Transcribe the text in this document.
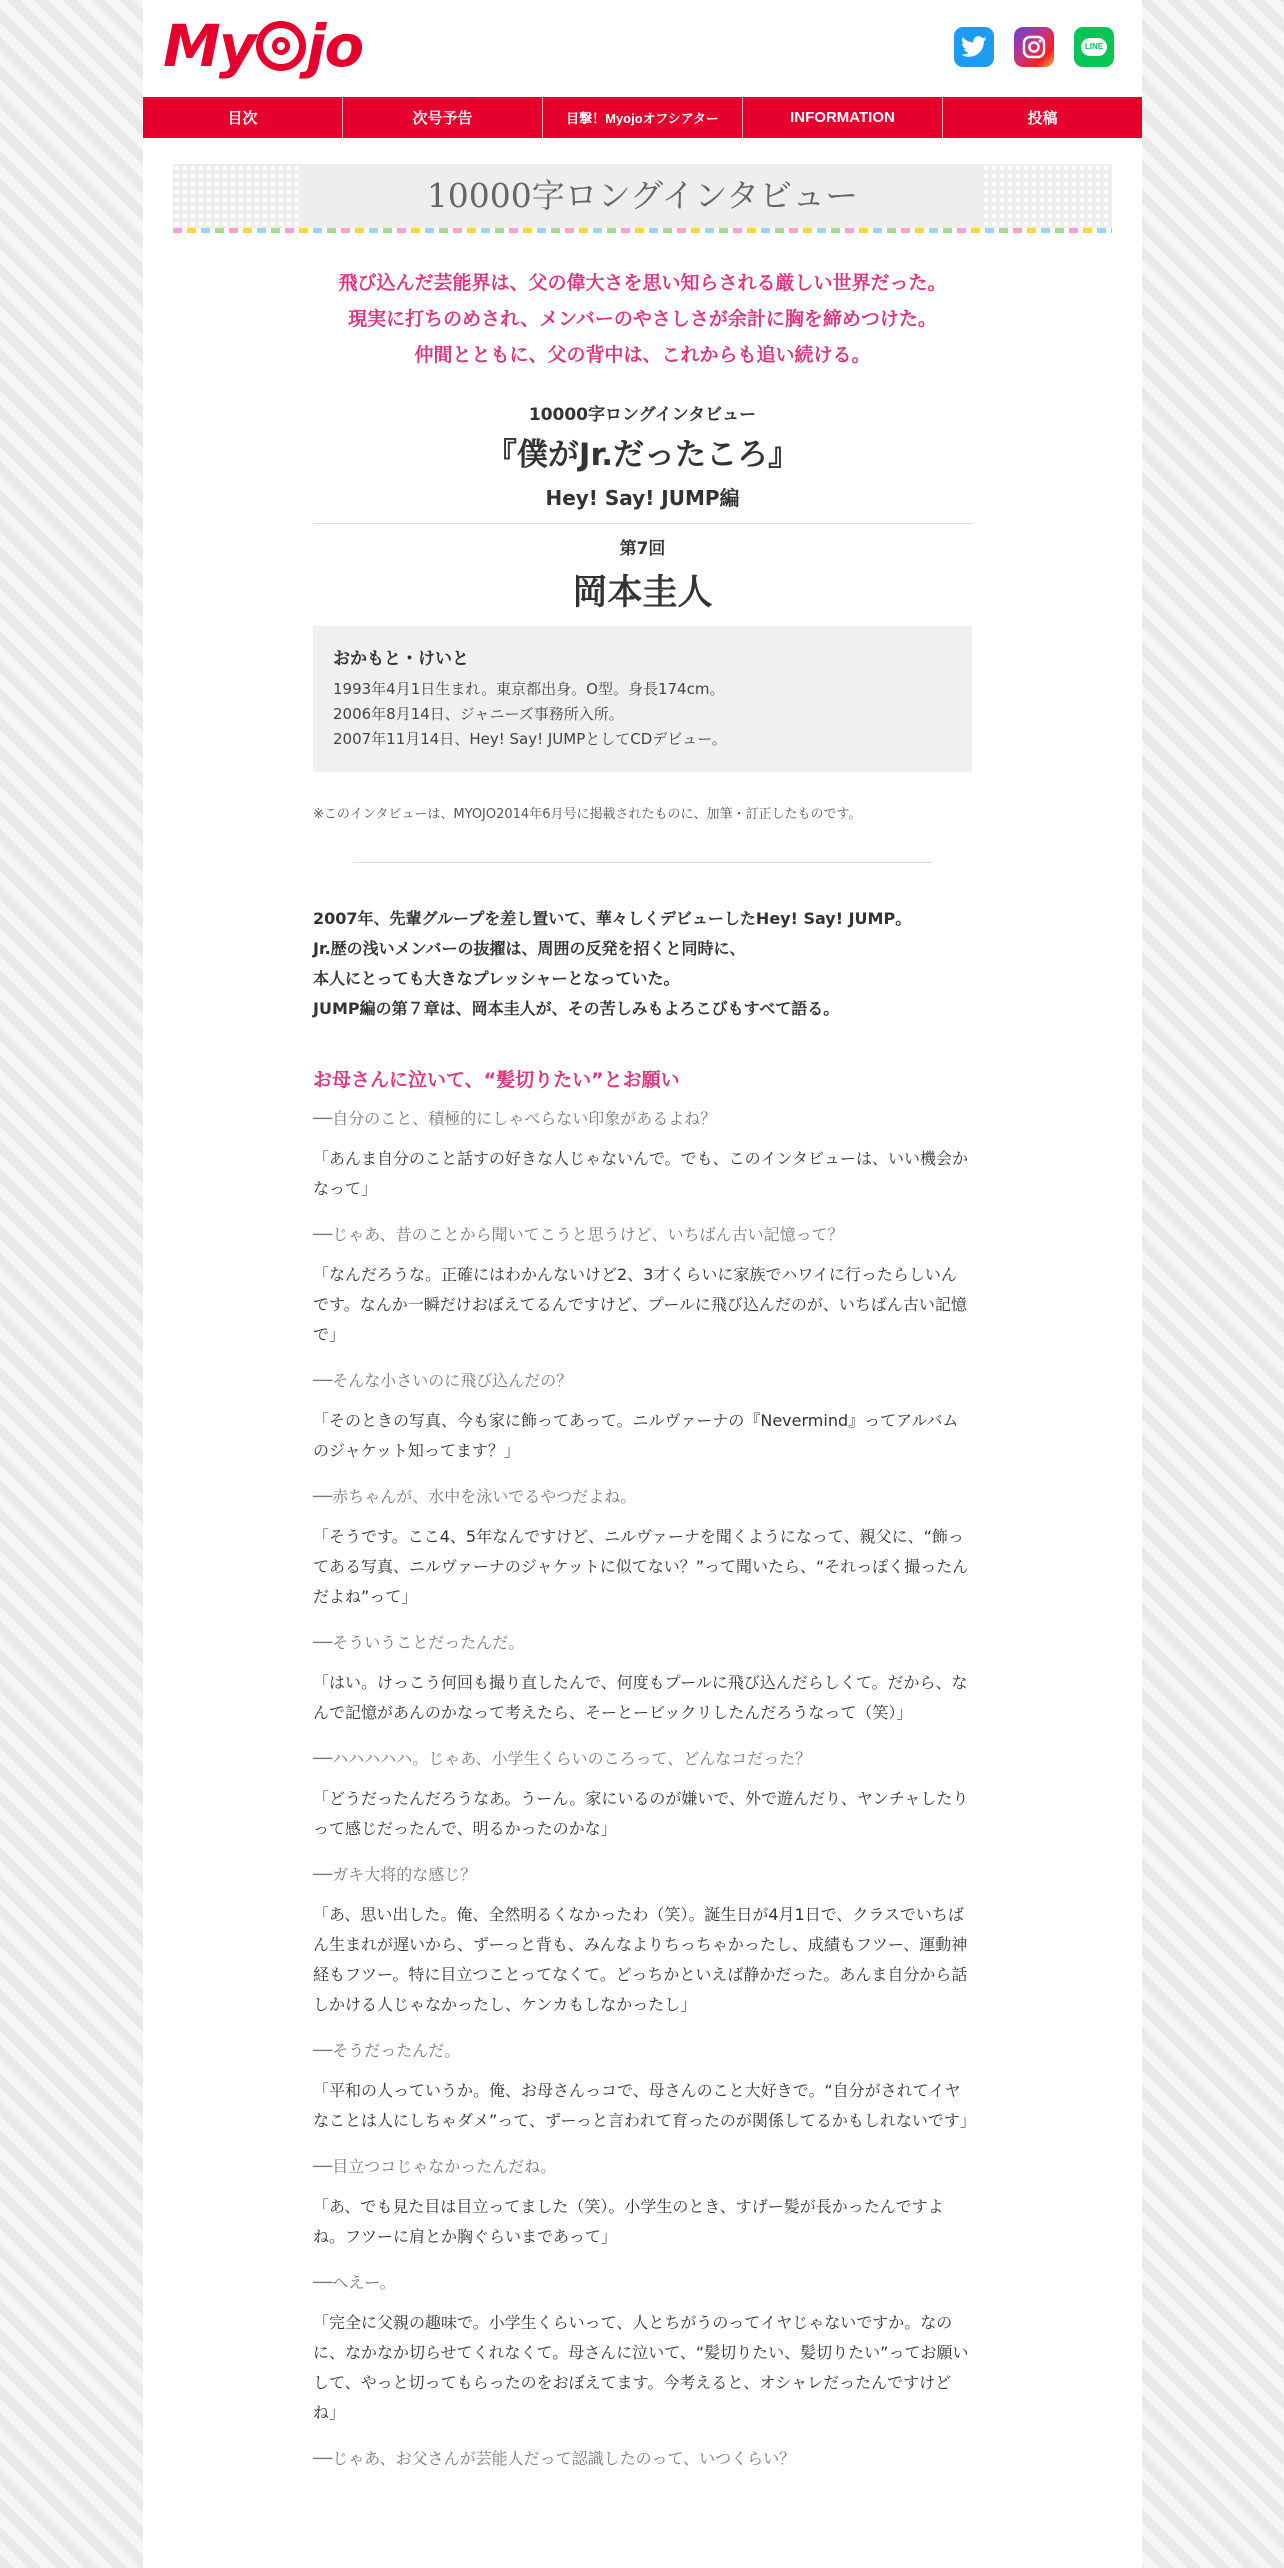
My jo	LINE
目次	次号予告	目撃！Myojoオフシアター	INFORMATION	投稿
10000字ロングインタビュー
飛び込んだ芸能界は、父の偉大さを思い知らされる厳しい世界だった。
現実に打ちのめされ、メンバーのやさしさが余計に胸を締めつけた。
仲間とともに、父の背中は、これからも追い続ける。
10000字ロングインタビュー
『僕がJr.だったころ』
Hey! Say! JUMP編
第7回
岡本圭人
おかもと・けいと
1993年4月1日生まれ。東京都出身。O型。身長174cm。
2006年8月14日、ジャニーズ事務所入所。
2007年11月14日、Hey! Say! JUMPとしてCDデビュー。
※このインタビューは、MYOJO2014年6月号に掲載されたものに、加筆・訂正したものです。

2007年、先輩グループを差し置いて、華々しくデビューしたHey! Say! JUMP。

Jr.歴の浅いメンバーの抜擢は、周囲の反発を招くと同時に、

本人にとっても大きなプレッシャーとなっていた。

JUMP編の第７章は、岡本圭人が、その苦しみもよろこびもすべて語る。

お母さんに泣いて、“髪切りたい”とお願い

──自分のこと、積極的にしゃべらない印象があるよね？

「あんま自分のこと話すの好きな人じゃないんで。でも、このインタビューは、いい機会かなって」

──じゃあ、昔のことから聞いてこうと思うけど、いちばん古い記憶って？

「なんだろうな。正確にはわかんないけど2、3才くらいに家族でハワイに行ったらしいんです。なんか一瞬だけおぼえてるんですけど、プールに飛び込んだのが、いちばん古い記憶で」

──そんな小さいのに飛び込んだの？

「そのときの写真、今も家に飾ってあって。ニルヴァーナの『Nevermind』ってアルバムのジャケット知ってます？」

──赤ちゃんが、水中を泳いでるやつだよね。

「そうです。ここ4、5年なんですけど、ニルヴァーナを聞くようになって、親父に、“飾ってある写真、ニルヴァーナのジャケットに似てない？”って聞いたら、“それっぽく撮ったんだよね”って」

──そういうことだったんだ。

「はい。けっこう何回も撮り直したんで、何度もプールに飛び込んだらしくて。だから、なんで記憶があんのかなって考えたら、そーとービックリしたんだろうなって（笑）」

──ハハハハハ。じゃあ、小学生くらいのころって、どんなコだった？

「どうだったんだろうなあ。うーん。家にいるのが嫌いで、外で遊んだり、ヤンチャしたりって感じだったんで、明るかったのかな」

──ガキ大将的な感じ？

「あ、思い出した。俺、全然明るくなかったわ（笑）。誕生日が4月1日で、クラスでいちばん生まれが遅いから、ずーっと背も、みんなよりちっちゃかったし、成績もフツー、運動神経もフツー。特に目立つことってなくて。どっちかといえば静かだった。あんま自分から話しかける人じゃなかったし、ケンカもしなかったし」

──そうだったんだ。

「平和の人っていうか。俺、お母さんっコで、母さんのこと大好きで。“自分がされてイヤなことは人にしちゃダメ”って、ずーっと言われて育ったのが関係してるかもしれないです」

──目立つコじゃなかったんだね。

「あ、でも見た目は目立ってました（笑）。小学生のとき、すげー髪が長かったんですよね。フツーに肩とか胸ぐらいまであって」

──へえー。

「完全に父親の趣味で。小学生くらいって、人とちがうのってイヤじゃないですか。なのに、なかなか切らせてくれなくて。母さんに泣いて、“髪切りたい、髪切りたい”ってお願いして、やっと切ってもらったのをおぼえてます。今考えると、オシャレだったんですけどね」

──じゃあ、お父さんが芸能人だって認識したのって、いつくらい？
